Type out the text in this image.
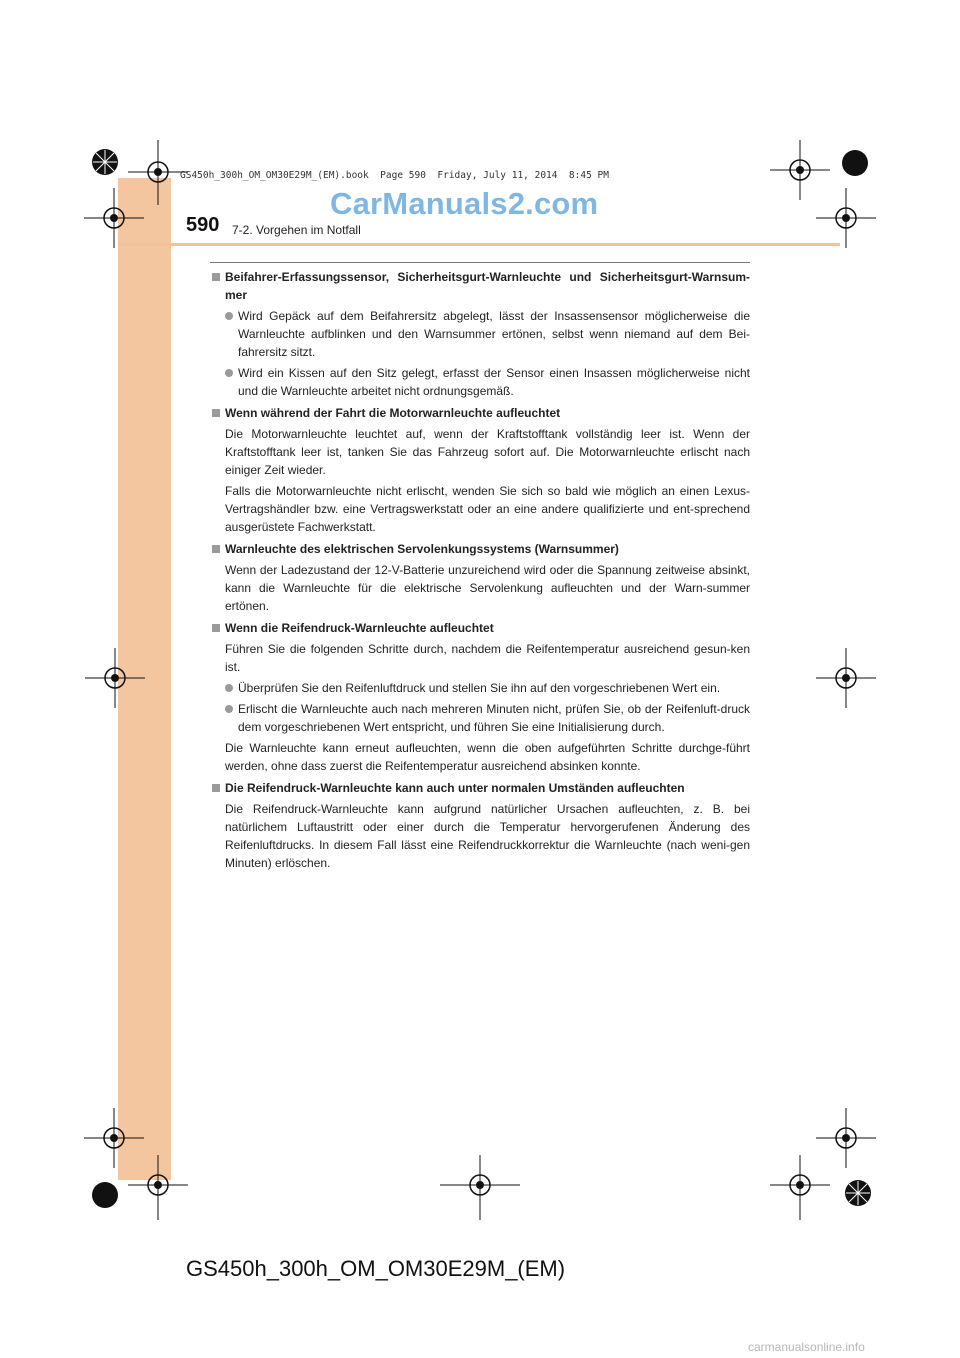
GS450h_300h_OM_OM30E29M_(EM).book  Page 590  Friday, July 11, 2014  8:45 PM
CarManuals2.com
590 7-2. Vorgehen im Notfall
Beifahrer-Erfassungssensor, Sicherheitsgurt-Warnleuchte und Sicherheitsgurt-Warnsum-mer
Wird Gepäck auf dem Beifahrersitz abgelegt, lässt der Insassensensor möglicherweise die Warnleuchte aufblinken und den Warnsummer ertönen, selbst wenn niemand auf dem Bei-fahrersitz sitzt.
Wird ein Kissen auf den Sitz gelegt, erfasst der Sensor einen Insassen möglicherweise nicht und die Warnleuchte arbeitet nicht ordnungsgemäß.
Wenn während der Fahrt die Motorwarnleuchte aufleuchtet
Die Motorwarnleuchte leuchtet auf, wenn der Kraftstofftank vollständig leer ist. Wenn der Kraftstofftank leer ist, tanken Sie das Fahrzeug sofort auf. Die Motorwarnleuchte erlischt nach einiger Zeit wieder.
Falls die Motorwarnleuchte nicht erlischt, wenden Sie sich so bald wie möglich an einen Lexus-Vertragshändler bzw. eine Vertragswerkstatt oder an eine andere qualifizierte und ent-sprechend ausgerüstete Fachwerkstatt.
Warnleuchte des elektrischen Servolenkungssystems (Warnsummer)
Wenn der Ladezustand der 12-V-Batterie unzureichend wird oder die Spannung zeitweise absinkt, kann die Warnleuchte für die elektrische Servolenkung aufleuchten und der Warn-summer ertönen.
Wenn die Reifendruck-Warnleuchte aufleuchtet
Führen Sie die folgenden Schritte durch, nachdem die Reifentemperatur ausreichend gesun-ken ist.
Überprüfen Sie den Reifenluftdruck und stellen Sie ihn auf den vorgeschriebenen Wert ein.
Erlischt die Warnleuchte auch nach mehreren Minuten nicht, prüfen Sie, ob der Reifenluft-druck dem vorgeschriebenen Wert entspricht, und führen Sie eine Initialisierung durch.
Die Warnleuchte kann erneut aufleuchten, wenn die oben aufgeführten Schritte durchge-führt werden, ohne dass zuerst die Reifentemperatur ausreichend absinken konnte.
Die Reifendruck-Warnleuchte kann auch unter normalen Umständen aufleuchten
Die Reifendruck-Warnleuchte kann aufgrund natürlicher Ursachen aufleuchten, z. B. bei natürlichem Luftaustritt oder einer durch die Temperatur hervorgerufenen Änderung des Reifenluftdrucks. In diesem Fall lässt eine Reifendruckkorrektur die Warnleuchte (nach weni-gen Minuten) erlöschen.
GS450h_300h_OM_OM30E29M_(EM)
carmanualsonline.info
